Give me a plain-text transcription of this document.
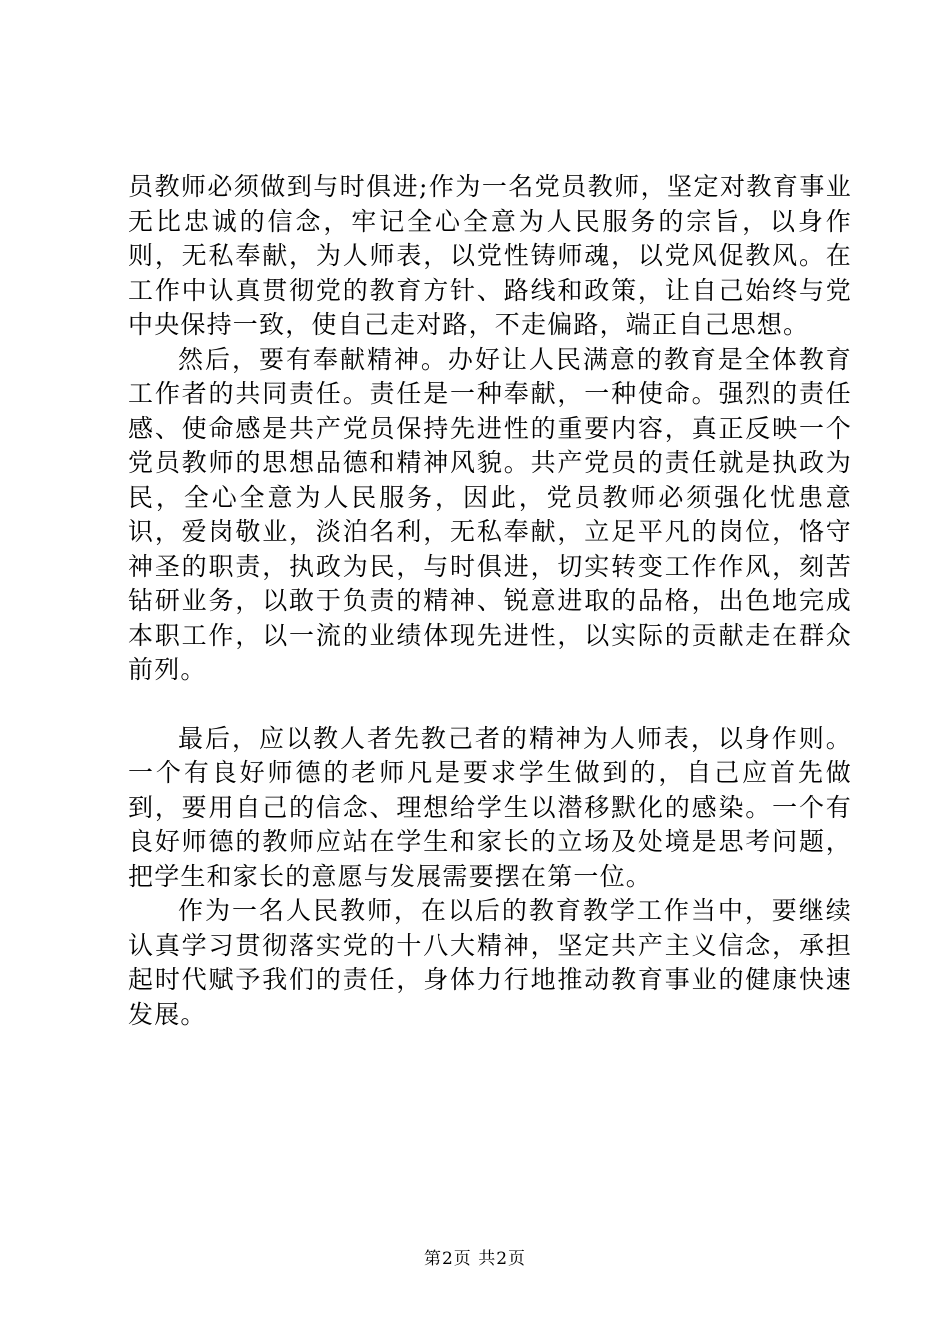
员教师必须做到与时俱进;作为一名党员教师，坚定对教育事业无比忠诚的信念，牢记全心全意为人民服务的宗旨，以身作则，无私奉献，为人师表，以党性铸师魂，以党风促教风。在工作中认真贯彻党的教育方针、路线和政策，让自己始终与党中央保持一致，使自己走对路，不走偏路，端正自己思想。

然后，要有奉献精神。办好让人民满意的教育是全体教育工作者的共同责任。责任是一种奉献，一种使命。强烈的责任感、使命感是共产党员保持先进性的重要内容，真正反映一个党员教师的思想品德和精神风貌。共产党员的责任就是执政为民，全心全意为人民服务，因此，党员教师必须强化忧患意识，爱岗敬业，淡泊名利，无私奉献，立足平凡的岗位，恪守神圣的职责，执政为民，与时俱进，切实转变工作作风，刻苦钻研业务，以敢于负责的精神、锐意进取的品格，出色地完成本职工作，以一流的业绩体现先进性，以实际的贡献走在群众前列。

最后，应以教人者先教己者的精神为人师表，以身作则。一个有良好师德的老师凡是要求学生做到的，自己应首先做到，要用自己的信念、理想给学生以潜移默化的感染。一个有良好师德的教师应站在学生和家长的立场及处境是思考问题，把学生和家长的意愿与发展需要摆在第一位。

作为一名人民教师，在以后的教育教学工作当中，要继续认真学习贯彻落实党的十八大精神，坚定共产主义信念，承担起时代赋予我们的责任，身体力行地推动教育事业的健康快速发展。

第2页 共2页
